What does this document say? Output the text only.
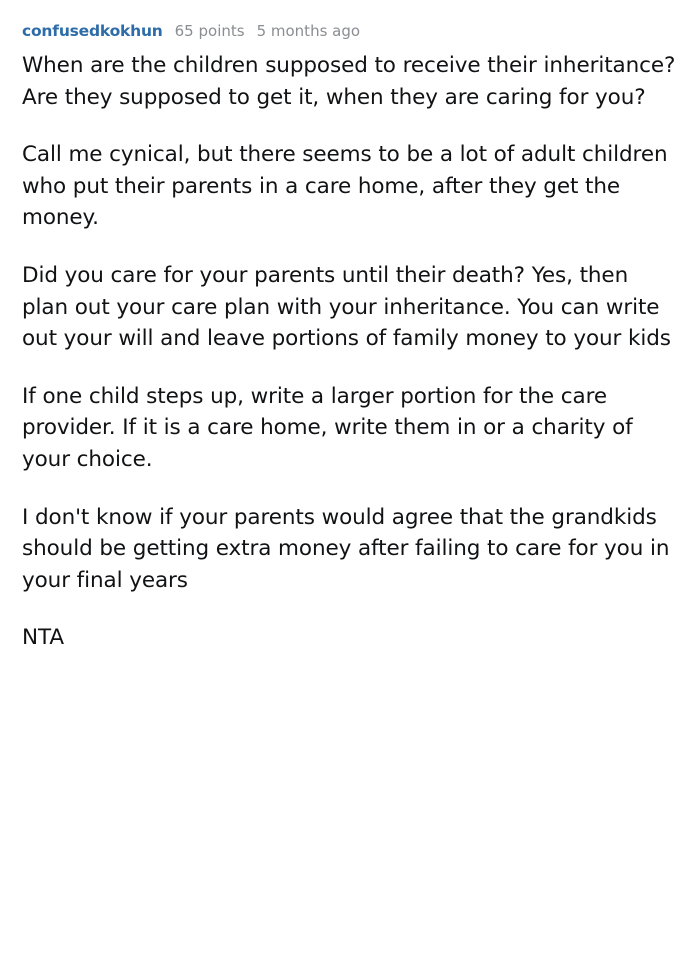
confusedkokhun 65 points 5 months ago

When are the children supposed to receive their inheritance? Are they supposed to get it, when they are caring for you?

Call me cynical, but there seems to be a lot of adult children who put their parents in a care home, after they get the money.

Did you care for your parents until their death? Yes, then plan out your care plan with your inheritance. You can write out your will and leave portions of family money to your kids

If one child steps up, write a larger portion for the care provider. If it is a care home, write them in or a charity of your choice.

I don't know if your parents would agree that the grandkids should be getting extra money after failing to care for you in your final years

NTA
